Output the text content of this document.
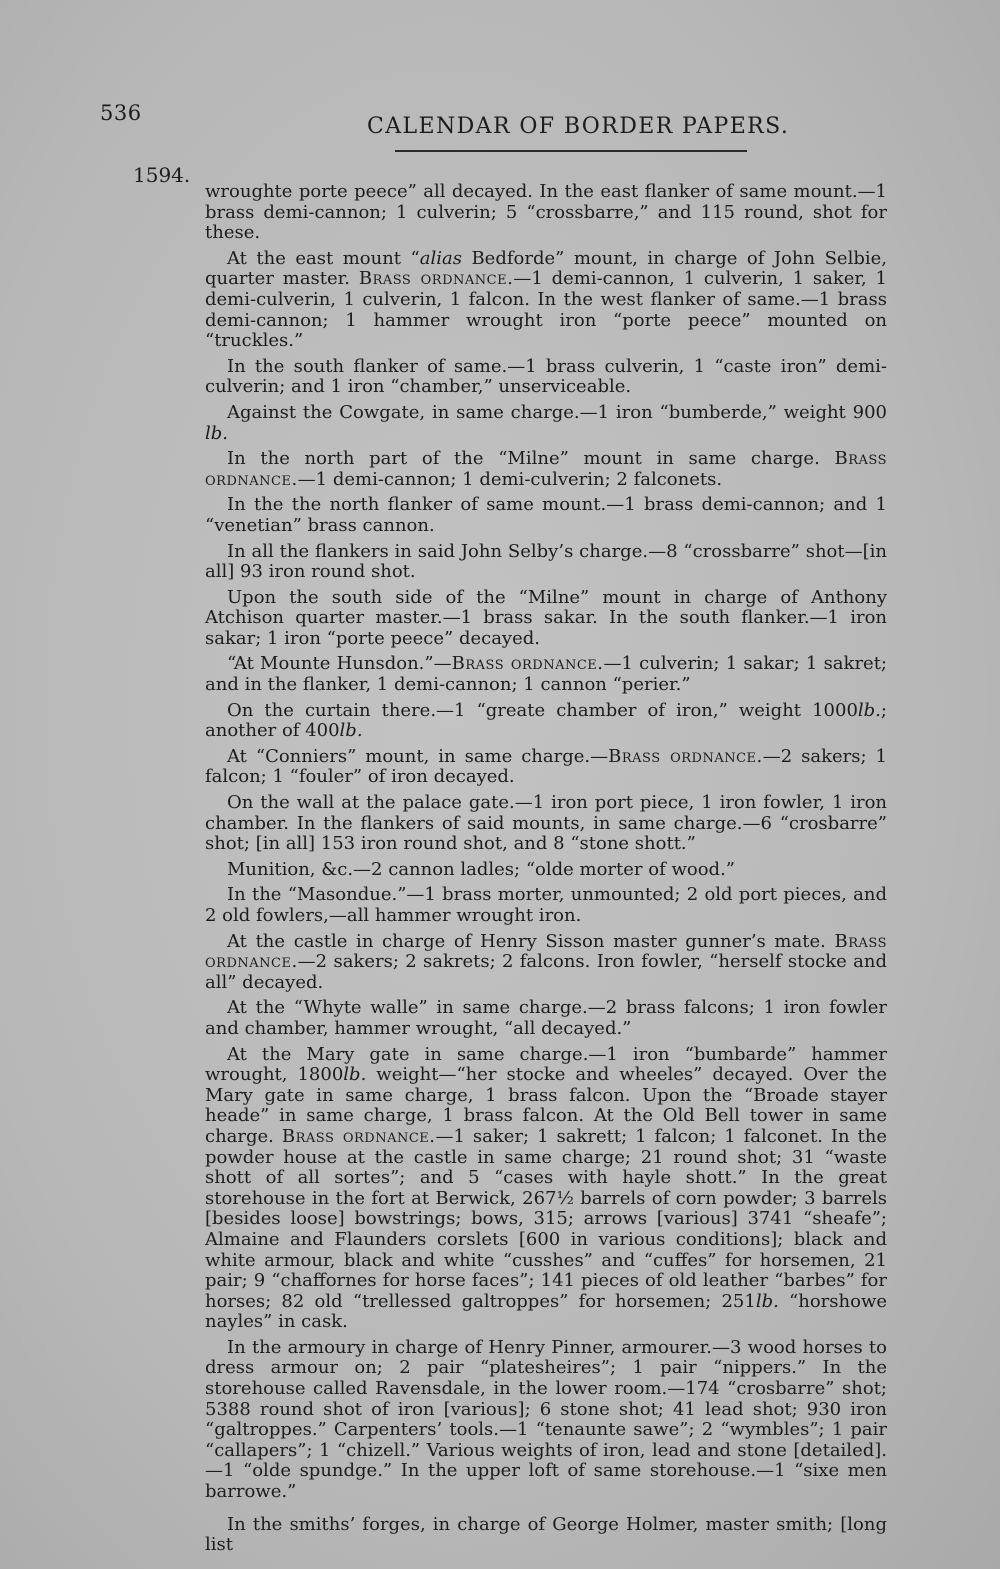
536
CALENDAR OF BORDER PAPERS.
1594.

wroughte porte peece” all decayed. In the east flanker of same mount.—1 brass demi-cannon; 1 culverin; 5 “crossbarre,” and 115 round, shot for these.

At the east mount “alias Bedforde” mount, in charge of John Selbie, quarter master. Brass ordnance.—1 demi-cannon, 1 culverin, 1 saker, 1 demi-culverin, 1 culverin, 1 falcon. In the west flanker of same.—1 brass demi-cannon; 1 hammer wrought iron “porte peece” mounted on “truckles.”

In the south flanker of same.—1 brass culverin, 1 “caste iron” demi-culverin; and 1 iron “chamber,” unserviceable.

Against the Cowgate, in same charge.—1 iron “bumberde,” weight 900 lb.

In the north part of the “Milne” mount in same charge. Brass ordnance.—1 demi-cannon; 1 demi-culverin; 2 falconets.

In the the north flanker of same mount.—1 brass demi-cannon; and 1 “venetian” brass cannon.

In all the flankers in said John Selby’s charge.—8 “crossbarre” shot—[in all] 93 iron round shot.

Upon the south side of the “Milne” mount in charge of Anthony Atchison quarter master.—1 brass sakar. In the south flanker.—1 iron sakar; 1 iron “porte peece” decayed.

“At Mounte Hunsdon.”—Brass ordnance.—1 culverin; 1 sakar; 1 sakret; and in the flanker, 1 demi-cannon; 1 cannon “perier.”

On the curtain there.—1 “greate chamber of iron,” weight 1000lb.; another of 400lb.

At “Conniers” mount, in same charge.—Brass ordnance.—2 sakers; 1 falcon; 1 “fouler” of iron decayed.

On the wall at the palace gate.—1 iron port piece, 1 iron fowler, 1 iron chamber. In the flankers of said mounts, in same charge.—6 “crosbarre” shot; [in all] 153 iron round shot, and 8 “stone shott.”

Munition, &c.—2 cannon ladles; “olde morter of wood.”

In the “Masondue.”—1 brass morter, unmounted; 2 old port pieces, and 2 old fowlers,—all hammer wrought iron.

At the castle in charge of Henry Sisson master gunner’s mate. Brass ordnance.—2 sakers; 2 sakrets; 2 falcons. Iron fowler, “herself stocke and all” decayed.

At the “Whyte walle” in same charge.—2 brass falcons; 1 iron fowler and chamber, hammer wrought, “all decayed.”

At the Mary gate in same charge.—1 iron “bumbarde” hammer wrought, 1800lb. weight—“her stocke and wheeles” decayed. Over the Mary gate in same charge, 1 brass falcon. Upon the “Broade stayer heade” in same charge, 1 brass falcon. At the Old Bell tower in same charge. Brass ordnance.—1 saker; 1 sakrett; 1 falcon; 1 falconet. In the powder house at the castle in same charge; 21 round shot; 31 “waste shott of all sortes”; and 5 “cases with hayle shott.” In the great storehouse in the fort at Berwick, 267½ barrels of corn powder; 3 barrels [besides loose] bowstrings; bows, 315; arrows [various] 3741 “sheafe”; Almaine and Flaunders corslets [600 in various conditions]; black and white armour, black and white “cusshes” and “cuffes” for horsemen, 21 pair; 9 “chaffornes for horse faces”; 141 pieces of old leather “barbes” for horses; 82 old “trellessed galtroppes” for horsemen; 251lb. “horshowe nayles” in cask.

In the armoury in charge of Henry Pinner, armourer.—3 wood horses to dress armour on; 2 pair “platesheires”; 1 pair “nippers.” In the storehouse called Ravensdale, in the lower room.—174 “crosbarre” shot; 5388 round shot of iron [various]; 6 stone shot; 41 lead shot; 930 iron “galtroppes.” Carpenters’ tools.—1 “tenaunte sawe”; 2 “wymbles”; 1 pair “callapers”; 1 “chizell.” Various weights of iron, lead and stone [detailed].—1 “olde spundge.” In the upper loft of same storehouse.—1 “sixe men barrowe.”

In the smiths’ forges, in charge of George Holmer, master smith; [long list
